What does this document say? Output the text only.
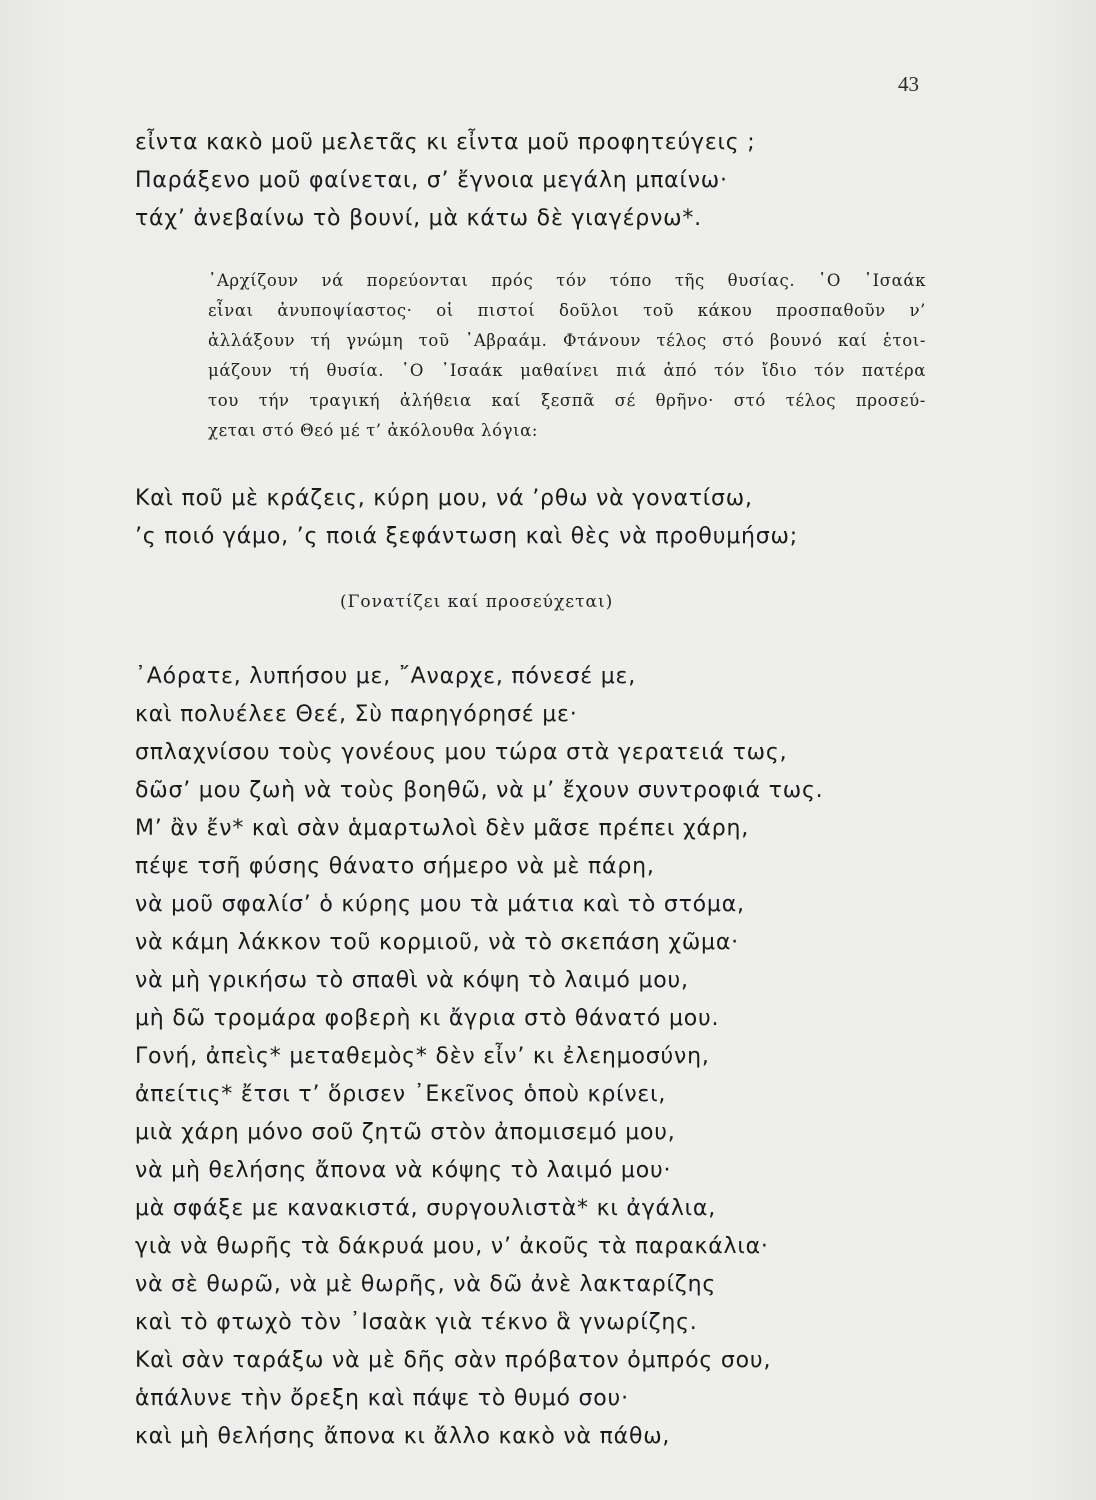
43
εἶντα κακὸ μοῦ μελετᾶς κι εἶντα μοῦ προφητεύγεις ;
Παράξενο μοῦ φαίνεται, σ’ ἔγνοια μεγάλη μπαίνω·
τάχ’ ἀνεβαίνω τὸ βουνί, μὰ κάτω δὲ γιαγέρνω*.
᾿Αρχίζουν νά πορεύονται πρός τόν τόπο τῆς θυσίας. ῾Ο ᾿Ισαάκ
εἶναι ἀνυποψίαστος· οἱ πιστοί δοῦλοι τοῦ κάκου προσπαθοῦν ν’
ἀλλάξουν τή γνώμη τοῦ ᾿Αβραάμ. Φτάνουν τέλος στό βουνό καί ἑτοι-
μάζουν τή θυσία. ῾Ο ᾿Ισαάκ μαθαίνει πιά ἀπό τόν ἴδιο τόν πατέρα
του τήν τραγική ἀλήθεια καί ξεσπᾶ σέ θρῆνο· στό τέλος προσεύ-
χεται στό Θεό μέ τ’ ἀκόλουθα λόγια:
Καὶ ποῦ μὲ κράζεις, κύρη μου, νά ’ρθω νὰ γονατίσω,
’ς ποιό γάμο, ’ς ποιά ξεφάντωση καὶ θὲς νὰ προθυμήσω;
(Γονατίζει καί προσεύχεται)
᾿Αόρατε, λυπήσου με, ῎Αναρχε, πόνεσέ με,
καὶ πολυέλεε Θεέ, Σὺ παρηγόρησέ με·
σπλαχνίσου τοὺς γονέους μου τώρα στὰ γερατειά τως,
δῶσ’ μου ζωὴ νὰ τοὺς βοηθῶ, νὰ μ’ ἔχουν συντροφιά τως.
Μ’ ἂν ἔν* καὶ σὰν ἁμαρτωλοὶ δὲν μᾶσε πρέπει χάρη,
πέψε τσῆ φύσης θάνατο σήμερο νὰ μὲ πάρη,
νὰ μοῦ σφαλίσ’ ὁ κύρης μου τὰ μάτια καὶ τὸ στόμα,
νὰ κάμη λάκκον τοῦ κορμιοῦ, νὰ τὸ σκεπάση χῶμα·
νὰ μὴ γρικήσω τὸ σπαθὶ νὰ κόψη τὸ λαιμό μου,
μὴ δῶ τρομάρα φοβερὴ κι ἄγρια στὸ θάνατό μου.
Γονή, ἀπεὶς* μεταθεμὸς* δὲν εἶν’ κι ἐλεημοσύνη,
ἀπείτις* ἔτσι τ’ ὅρισεν ᾿Εκεῖνος ὁποὺ κρίνει,
μιὰ χάρη μόνο σοῦ ζητῶ στὸν ἀπομισεμό μου,
νὰ μὴ θελήσης ἄπονα νὰ κόψης τὸ λαιμό μου·
μὰ σφάξε με κανακιστά, συργουλιστὰ* κι ἀγάλια,
γιὰ νὰ θωρῆς τὰ δάκρυά μου, ν’ ἀκοῦς τὰ παρακάλια·
νὰ σὲ θωρῶ, νὰ μὲ θωρῆς, νὰ δῶ ἀνὲ λακταρίζης
καὶ τὸ φτωχὸ τὸν ᾿Ισαὰκ γιὰ τέκνο ἃ γνωρίζης.
Καὶ σὰν ταράξω νὰ μὲ δῆς σὰν πρόβατον ὀμπρός σου,
ἁπάλυνε τὴν ὄρεξη καὶ πάψε τὸ θυμό σου·
καὶ μὴ θελήσης ἄπονα κι ἄλλο κακὸ νὰ πάθω,
